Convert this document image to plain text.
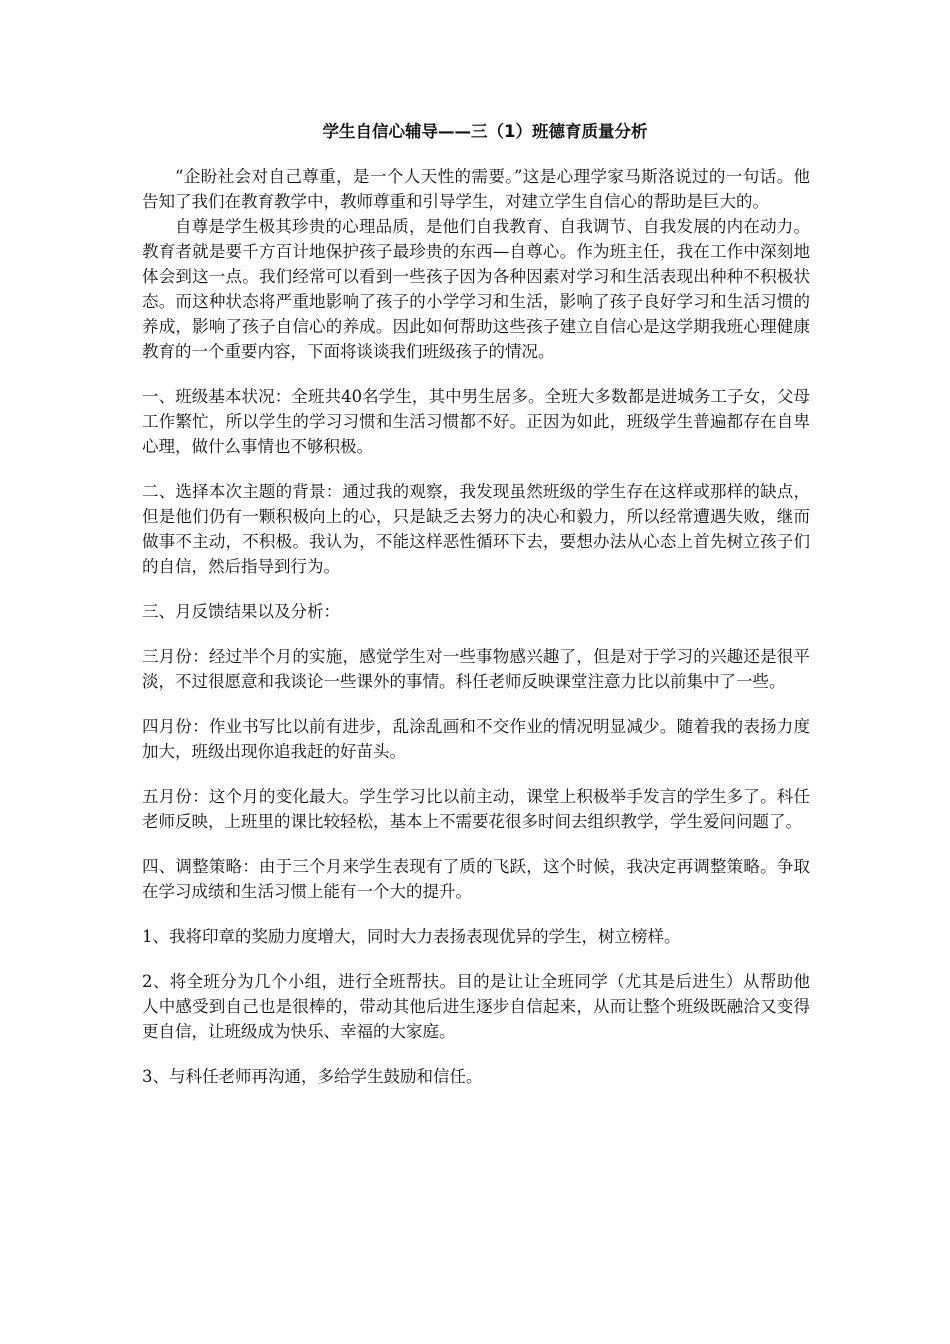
学生自信心辅导——三（1）班德育质量分析

“企盼社会对自己尊重，是一个人天性的需要。”这是心理学家马斯洛说过的一句话。他告知了我们在教育教学中，教师尊重和引导学生，对建立学生自信心的帮助是巨大的。

自尊是学生极其珍贵的心理品质，是他们自我教育、自我调节、自我发展的内在动力。教育者就是要千方百计地保护孩子最珍贵的东西—自尊心。作为班主任，我在工作中深刻地体会到这一点。我们经常可以看到一些孩子因为各种因素对学习和生活表现出种种不积极状态。而这种状态将严重地影响了孩子的小学学习和生活，影响了孩子良好学习和生活习惯的养成，影响了孩子自信心的养成。因此如何帮助这些孩子建立自信心是这学期我班心理健康教育的一个重要内容，下面将谈谈我们班级孩子的情况。

一、班级基本状况：全班共40名学生，其中男生居多。全班大多数都是进城务工子女，父母工作繁忙，所以学生的学习习惯和生活习惯都不好。正因为如此，班级学生普遍都存在自卑心理，做什么事情也不够积极。

二、选择本次主题的背景：通过我的观察，我发现虽然班级的学生存在这样或那样的缺点，但是他们仍有一颗积极向上的心，只是缺乏去努力的决心和毅力，所以经常遭遇失败，继而做事不主动，不积极。我认为，不能这样恶性循环下去，要想办法从心态上首先树立孩子们的自信，然后指导到行为。

三、月反馈结果以及分析：

三月份：经过半个月的实施，感觉学生对一些事物感兴趣了，但是对于学习的兴趣还是很平淡，不过很愿意和我谈论一些课外的事情。科任老师反映课堂注意力比以前集中了一些。

四月份：作业书写比以前有进步，乱涂乱画和不交作业的情况明显减少。随着我的表扬力度加大，班级出现你追我赶的好苗头。

五月份：这个月的变化最大。学生学习比以前主动，课堂上积极举手发言的学生多了。科任老师反映，上班里的课比较轻松，基本上不需要花很多时间去组织教学，学生爱问问题了。

四、调整策略：由于三个月来学生表现有了质的飞跃，这个时候，我决定再调整策略。争取在学习成绩和生活习惯上能有一个大的提升。

1、我将印章的奖励力度增大，同时大力表扬表现优异的学生，树立榜样。

2、将全班分为几个小组，进行全班帮扶。目的是让让全班同学（尤其是后进生）从帮助他人中感受到自己也是很棒的，带动其他后进生逐步自信起来，从而让整个班级既融洽又变得更自信，让班级成为快乐、幸福的大家庭。

3、与科任老师再沟通，多给学生鼓励和信任。
